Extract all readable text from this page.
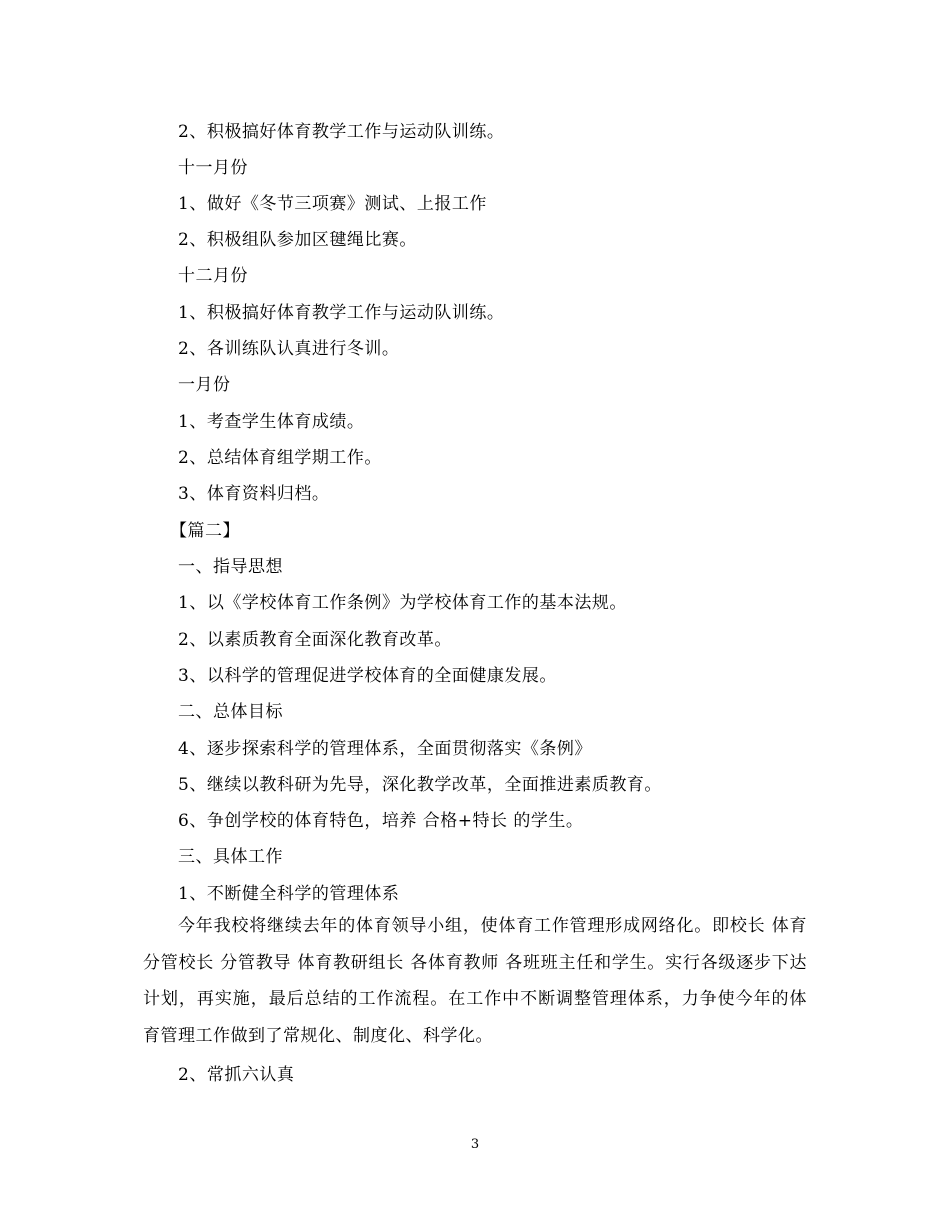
2、积极搞好体育教学工作与运动队训练。
十一月份
1、做好《冬节三项赛》测试、上报工作
2、积极组队参加区毽绳比赛。
十二月份
1、积极搞好体育教学工作与运动队训练。
2、各训练队认真进行冬训。
一月份
1、考查学生体育成绩。
2、总结体育组学期工作。
3、体育资料归档。
【篇二】
一、指导思想
1、以《学校体育工作条例》为学校体育工作的基本法规。
2、以素质教育全面深化教育改革。
3、以科学的管理促进学校体育的全面健康发展。
二、总体目标
4、逐步探索科学的管理体系，全面贯彻落实《条例》
5、继续以教科研为先导，深化教学改革，全面推进素质教育。
6、争创学校的体育特色，培养 合格+特长 的学生。
三、具体工作
1、不断健全科学的管理体系
今年我校将继续去年的体育领导小组，使体育工作管理形成网络化。即校长 体育分管校长 分管教导 体育教研组长 各体育教师 各班班主任和学生。实行各级逐步下达计划，再实施，最后总结的工作流程。在工作中不断调整管理体系，力争使今年的体育管理工作做到了常规化、制度化、科学化。
2、常抓六认真
3
